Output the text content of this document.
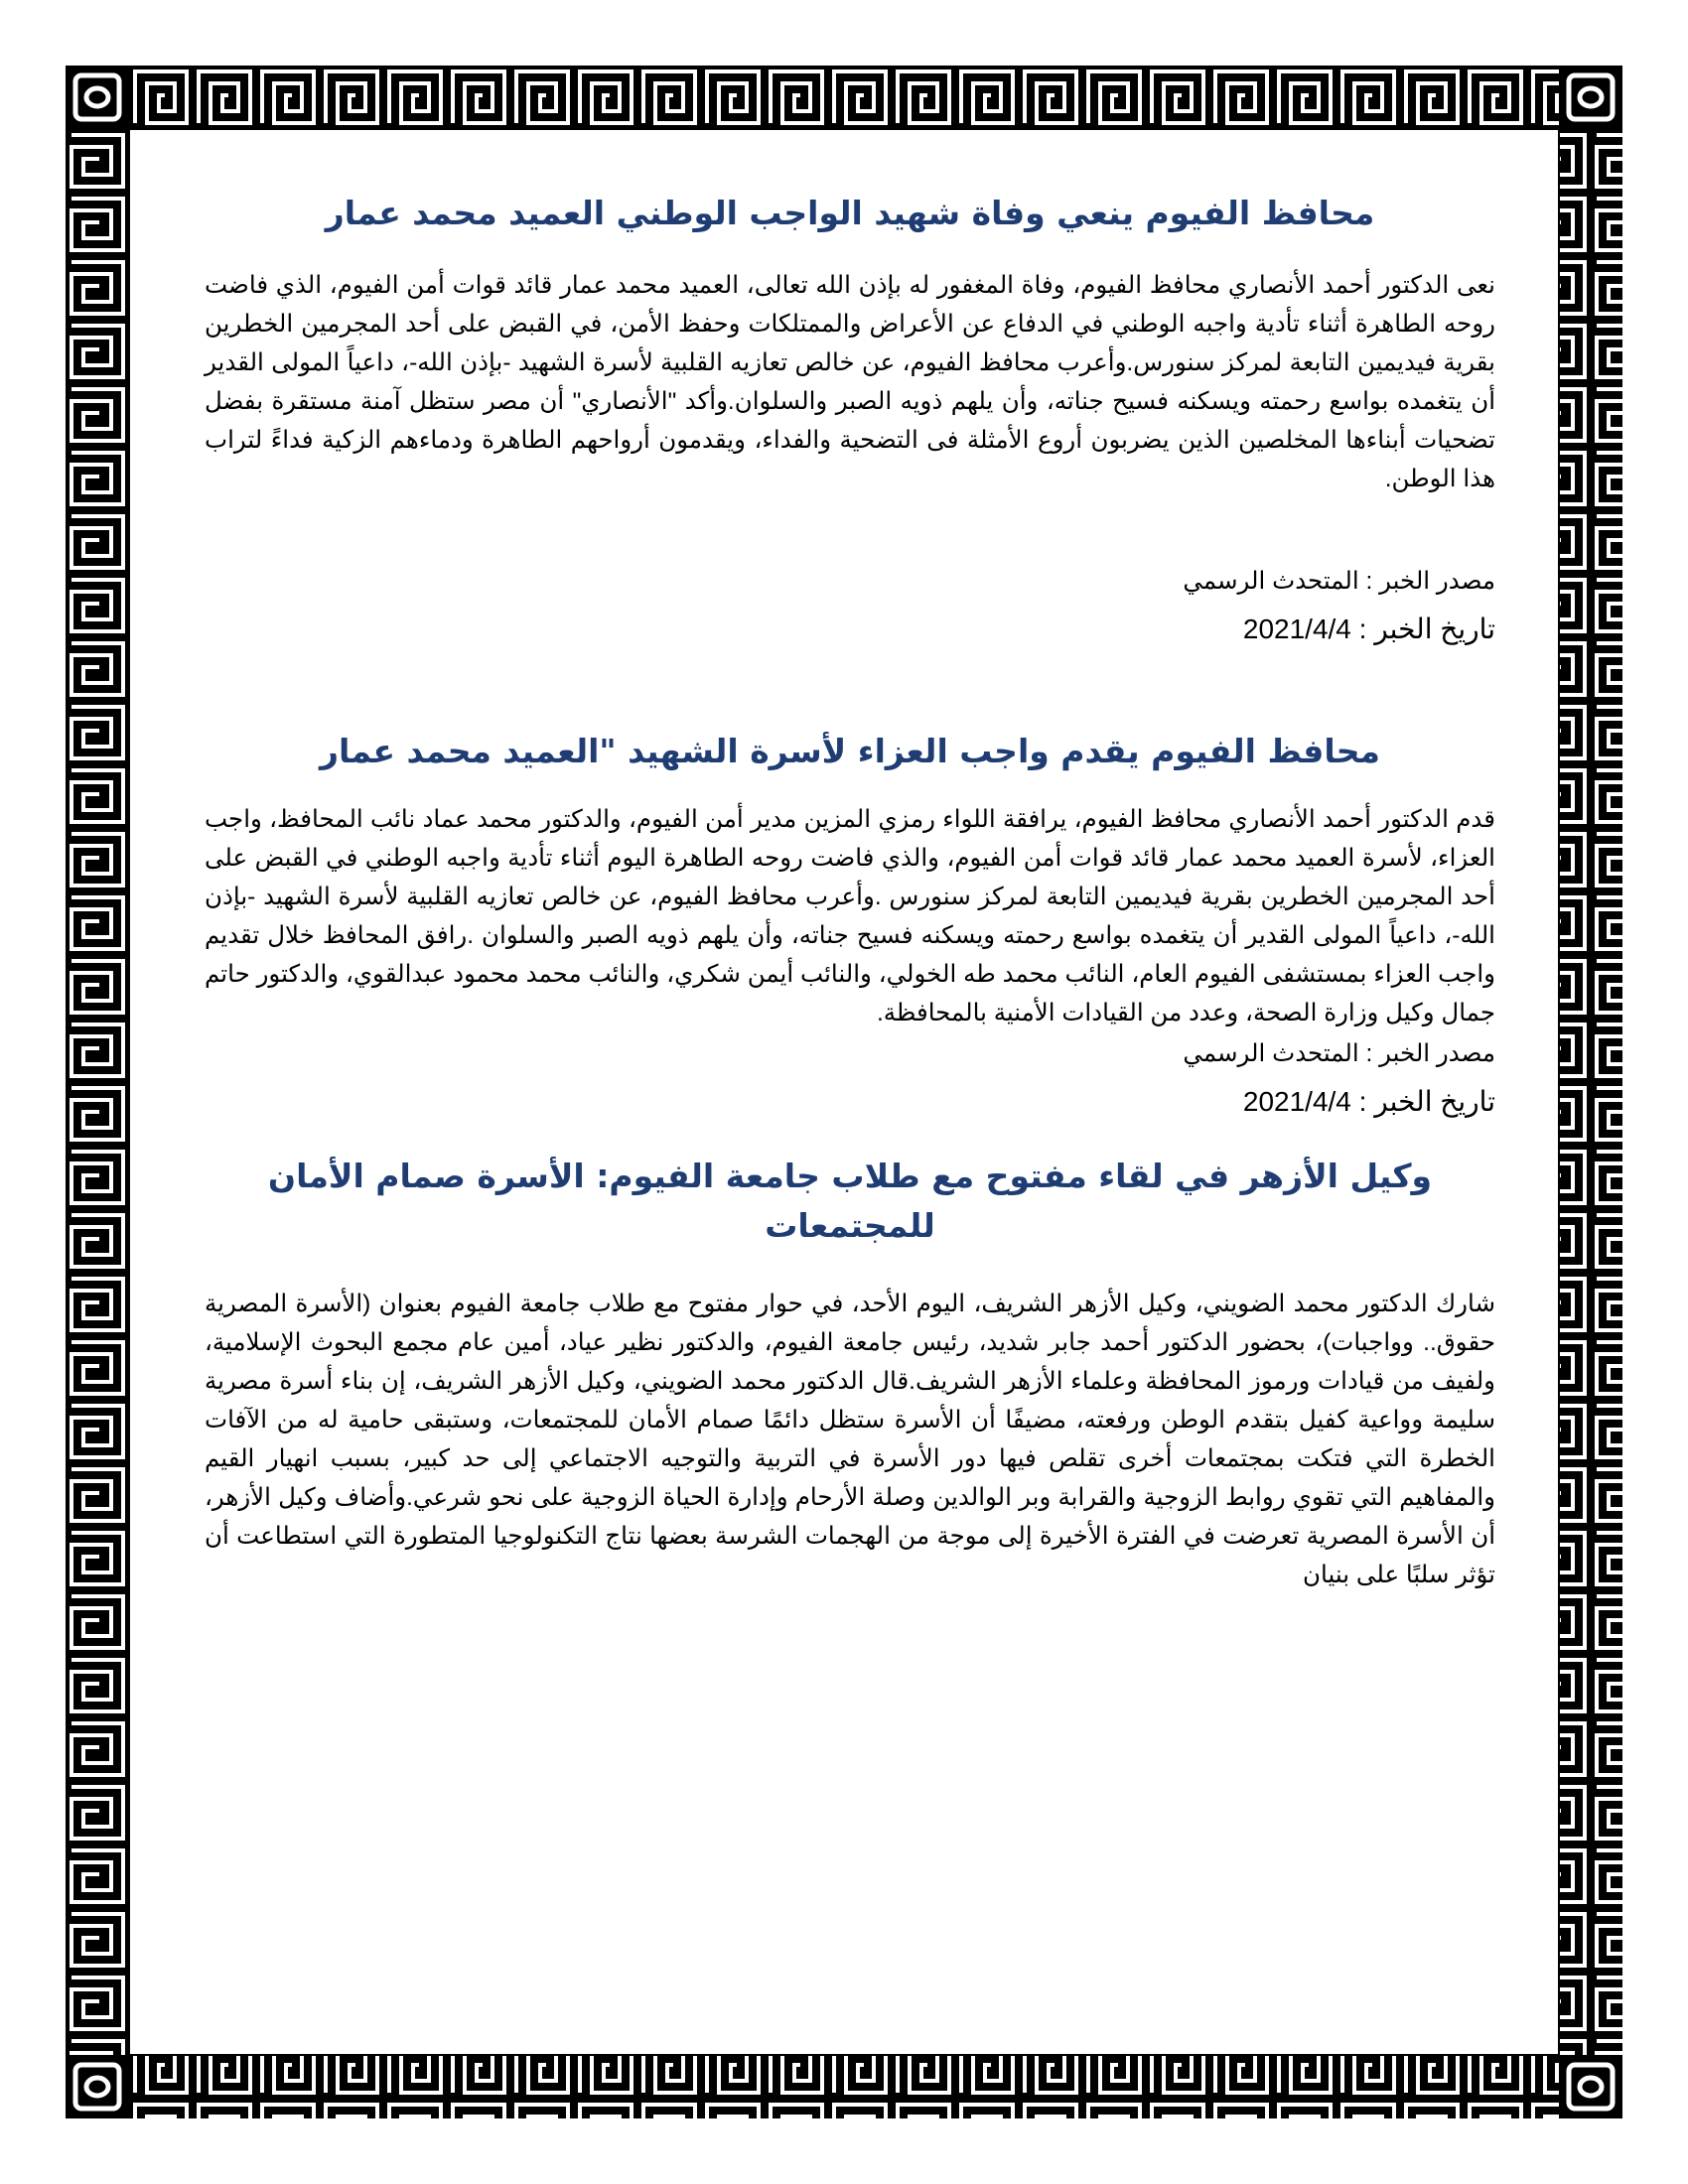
محافظ الفيوم ينعي وفاة شهيد الواجب الوطني العميد محمد عمار

نعى الدكتور أحمد الأنصاري محافظ الفيوم، وفاة المغفور له بإذن الله تعالى، العميد محمد عمار قائد قوات أمن الفيوم، الذي فاضت روحه الطاهرة أثناء تأدية واجبه الوطني في الدفاع عن الأعراض والممتلكات وحفظ الأمن، في القبض على أحد المجرمين الخطرين بقرية فيديمين التابعة لمركز سنورس.وأعرب محافظ الفيوم، عن خالص تعازيه القلبية لأسرة الشهيد -بإذن الله-، داعياً المولى القدير أن يتغمده بواسع رحمته ويسكنه فسيح جناته، وأن يلهم ذويه الصبر والسلوان.وأكد "الأنصاري" أن مصر ستظل آمنة مستقرة بفضل تضحيات أبناءها المخلصين الذين يضربون أروع الأمثلة فى التضحية والفداء، ويقدمون أرواحهم الطاهرة ودماءهم الزكية فداءً لتراب هذا الوطن.

مصدر الخبر : المتحدث الرسمي

تاريخ الخبر : 2021/4/4

محافظ الفيوم يقدم واجب العزاء لأسرة الشهيد "العميد محمد عمار

قدم الدكتور أحمد الأنصاري محافظ الفيوم، يرافقة اللواء رمزي المزين مدير أمن الفيوم، والدكتور محمد عماد نائب المحافظ، واجب العزاء، لأسرة العميد محمد عمار قائد قوات أمن الفيوم، والذي فاضت روحه الطاهرة اليوم أثناء تأدية واجبه الوطني في القبض على أحد المجرمين الخطرين بقرية فيديمين التابعة لمركز سنورس .وأعرب محافظ الفيوم، عن خالص تعازيه القلبية لأسرة الشهيد -بإذن الله-، داعياً المولى القدير أن يتغمده بواسع رحمته ويسكنه فسيح جناته، وأن يلهم ذويه الصبر والسلوان .رافق المحافظ خلال تقديم واجب العزاء بمستشفى الفيوم العام، النائب محمد طه الخولي، والنائب أيمن شكري، والنائب محمد محمود عبدالقوي، والدكتور حاتم جمال وكيل وزارة الصحة، وعدد من القيادات الأمنية بالمحافظة.

مصدر الخبر : المتحدث الرسمي

تاريخ الخبر : 2021/4/4

وكيل الأزهر في لقاء مفتوح مع طلاب جامعة الفيوم: الأسرة صمام الأمان للمجتمعات

شارك الدكتور محمد الضويني، وكيل الأزهر الشريف، اليوم الأحد، في حوار مفتوح مع طلاب جامعة الفيوم بعنوان (الأسرة المصرية حقوق.. وواجبات)، بحضور الدكتور أحمد جابر شديد، رئيس جامعة الفيوم، والدكتور نظير عياد، أمين عام مجمع البحوث الإسلامية، ولفيف من قيادات ورموز المحافظة وعلماء الأزهر الشريف.قال الدكتور محمد الضويني، وكيل الأزهر الشريف، إن بناء أسرة مصرية سليمة وواعية كفيل بتقدم الوطن ورفعته، مضيفًا أن الأسرة ستظل دائمًا صمام الأمان للمجتمعات، وستبقى حامية له من الآفات الخطرة التي فتكت بمجتمعات أخرى تقلص فيها دور الأسرة في التربية والتوجيه الاجتماعي إلى حد كبير، بسبب انهيار القيم والمفاهيم التي تقوي روابط الزوجية والقرابة وبر الوالدين وصلة الأرحام وإدارة الحياة الزوجية على نحو شرعي.وأضاف وكيل الأزهر، أن الأسرة المصرية تعرضت في الفترة الأخيرة إلى موجة من الهجمات الشرسة بعضها نتاج التكنولوجيا المتطورة التي استطاعت أن تؤثر سلبًا على بنيان
